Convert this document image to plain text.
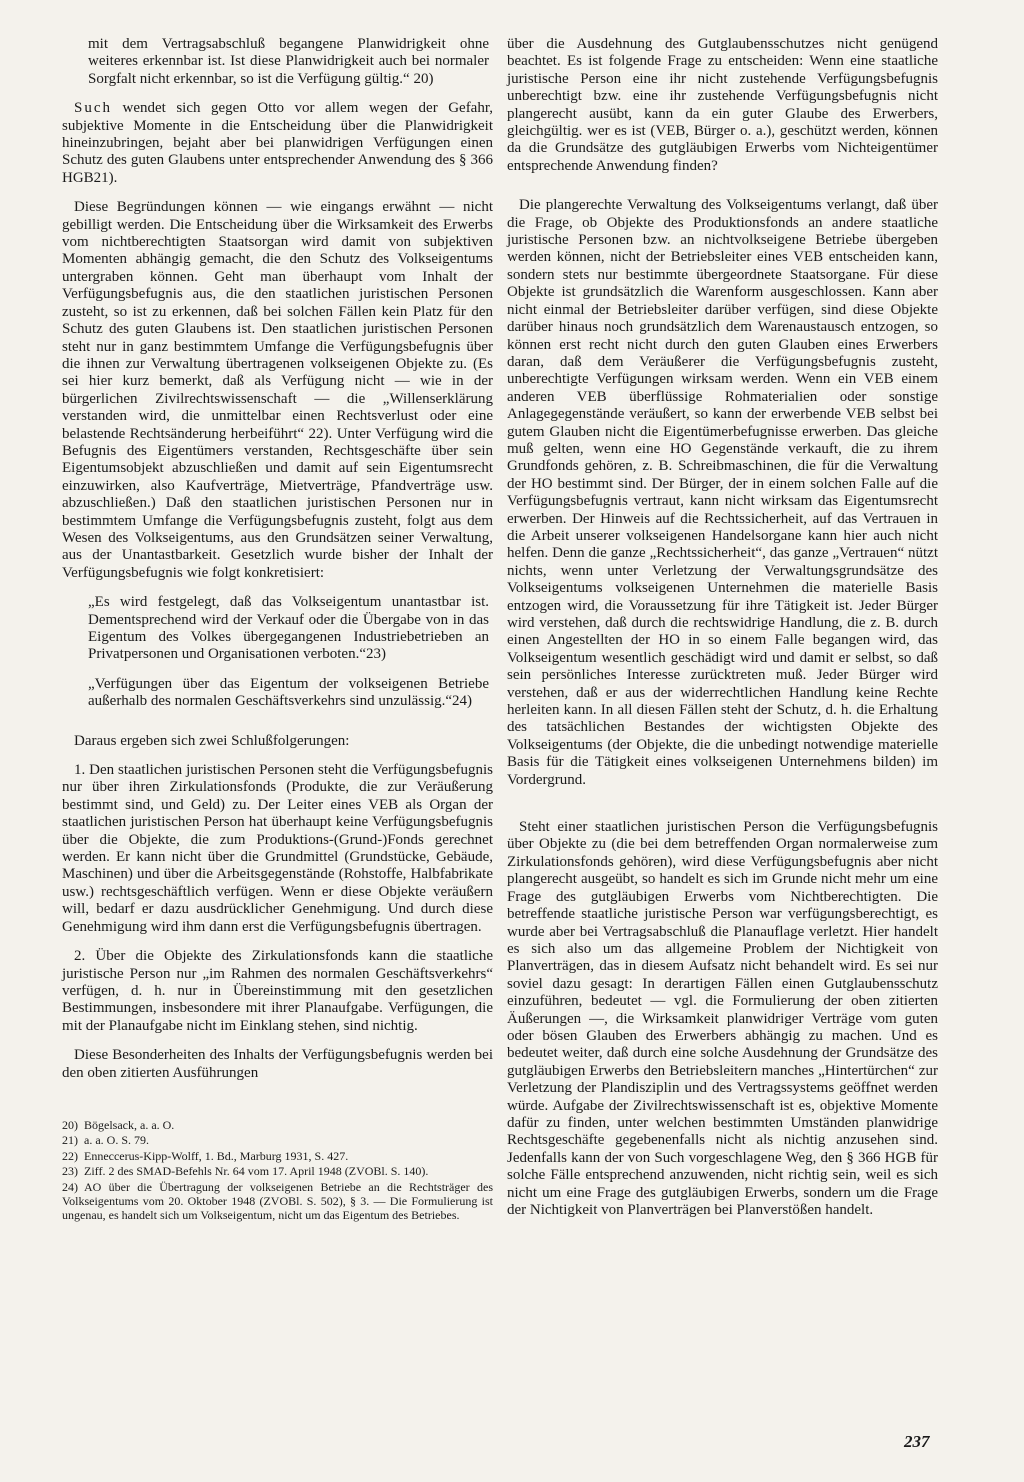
mit dem Vertragsabschluß begangene Planwidrigkeit ohne weiteres erkennbar ist. Ist diese Planwidrigkeit auch bei normaler Sorgfalt nicht erkennbar, so ist die Verfügung gültig.“ 20)

Such wendet sich gegen Otto vor allem wegen der Gefahr, subjektive Momente in die Entscheidung über die Planwidrigkeit hineinzubringen, bejaht aber bei planwidrigen Verfügungen einen Schutz des guten Glaubens unter entsprechender Anwendung des § 366 HGB21).

Diese Begründungen können — wie eingangs erwähnt — nicht gebilligt werden. Die Entscheidung über die Wirksamkeit des Erwerbs vom nichtberechtigten Staatsorgan wird damit von subjektiven Momenten abhängig gemacht, die den Schutz des Volkseigentums untergraben können. Geht man überhaupt vom Inhalt der Verfügungsbefugnis aus, die den staatlichen juristischen Personen zusteht, so ist zu erkennen, daß bei solchen Fällen kein Platz für den Schutz des guten Glaubens ist. Den staatlichen juristischen Personen steht nur in ganz bestimmtem Umfange die Verfügungsbefugnis über die ihnen zur Verwaltung übertragenen volkseigenen Objekte zu. (Es sei hier kurz bemerkt, daß als Verfügung nicht — wie in der bürgerlichen Zivilrechtswissenschaft — die „Willenserklärung verstanden wird, die unmittelbar einen Rechtsverlust oder eine belastende Rechtsänderung herbeiführt“ 22). Unter Verfügung wird die Befugnis des Eigentümers verstanden, Rechtsgeschäfte über sein Eigentumsobjekt abzuschließen und damit auf sein Eigentumsrecht einzuwirken, also Kaufverträge, Mietverträge, Pfandverträge usw. abzuschließen.) Daß den staatlichen juristischen Personen nur in bestimmtem Umfange die Verfügungsbefugnis zusteht, folgt aus dem Wesen des Volkseigentums, aus den Grundsätzen seiner Verwaltung, aus der Unantastbarkeit. Gesetzlich wurde bisher der Inhalt der Verfügungsbefugnis wie folgt konkretisiert:

„Es wird festgelegt, daß das Volkseigentum unantastbar ist. Dementsprechend wird der Verkauf oder die Übergabe von in das Eigentum des Volkes übergegangenen Industriebetrieben an Privatpersonen und Organisationen verboten.“23)

„Verfügungen über das Eigentum der volkseigenen Betriebe außerhalb des normalen Geschäftsverkehrs sind unzulässig.“24)

Daraus ergeben sich zwei Schlußfolgerungen:

1. Den staatlichen juristischen Personen steht die Verfügungsbefugnis nur über ihren Zirkulationsfonds (Produkte, die zur Veräußerung bestimmt sind, und Geld) zu. Der Leiter eines VEB als Organ der staatlichen juristischen Person hat überhaupt keine Verfügungsbefugnis über die Objekte, die zum Produktions-(Grund-)Fonds gerechnet werden. Er kann nicht über die Grundmittel (Grundstücke, Gebäude, Maschinen) und über die Arbeitsgegenstände (Rohstoffe, Halbfabrikate usw.) rechtsgeschäftlich verfügen. Wenn er diese Objekte veräußern will, bedarf er dazu ausdrücklicher Genehmigung. Und durch diese Genehmigung wird ihm dann erst die Verfügungsbefugnis übertragen.

2. Über die Objekte des Zirkulationsfonds kann die staatliche juristische Person nur „im Rahmen des normalen Geschäftsverkehrs“ verfügen, d. h. nur in Übereinstimmung mit den gesetzlichen Bestimmungen, insbesondere mit ihrer Planaufgabe. Verfügungen, die mit der Planaufgabe nicht im Einklang stehen, sind nichtig.

Diese Besonderheiten des Inhalts der Verfügungsbefugnis werden bei den oben zitierten Ausführungen

20) Bögelsack, a. a. O.

21) a. a. O. S. 79.

22) Enneccerus-Kipp-Wolff, 1. Bd., Marburg 1931, S. 427.

23) Ziff. 2 des SMAD-Befehls Nr. 64 vom 17. April 1948 (ZVOBl. S. 140).

24) AO über die Übertragung der volkseigenen Betriebe an die Rechtsträger des Volkseigentums vom 20. Oktober 1948 (ZVOBl. S. 502), § 3. — Die Formulierung ist ungenau, es handelt sich um Volkseigentum, nicht um das Eigentum des Betriebes.

über die Ausdehnung des Gutglaubensschutzes nicht genügend beachtet. Es ist folgende Frage zu entscheiden: Wenn eine staatliche juristische Person eine ihr nicht zustehende Verfügungsbefugnis unberechtigt bzw. eine ihr zustehende Verfügungsbefugnis nicht plangerecht ausübt, kann da ein guter Glaube des Erwerbers, gleichgültig. wer es ist (VEB, Bürger o. a.), geschützt werden, können da die Grundsätze des gutgläubigen Erwerbs vom Nichteigentümer entsprechende Anwendung finden?

Die plangerechte Verwaltung des Volkseigentums verlangt, daß über die Frage, ob Objekte des Produktionsfonds an andere staatliche juristische Personen bzw. an nichtvolkseigene Betriebe übergeben werden können, nicht der Betriebsleiter eines VEB entscheiden kann, sondern stets nur bestimmte übergeordnete Staatsorgane. Für diese Objekte ist grundsätzlich die Warenform ausgeschlossen. Kann aber nicht einmal der Betriebsleiter darüber verfügen, sind diese Objekte darüber hinaus noch grundsätzlich dem Warenaustausch entzogen, so können erst recht nicht durch den guten Glauben eines Erwerbers daran, daß dem Veräußerer die Verfügungsbefugnis zusteht, unberechtigte Verfügungen wirksam werden. Wenn ein VEB einem anderen VEB überflüssige Rohmaterialien oder sonstige Anlagegegenstände veräußert, so kann der erwerbende VEB selbst bei gutem Glauben nicht die Eigentümerbefugnisse erwerben. Das gleiche muß gelten, wenn eine HO Gegenstände verkauft, die zu ihrem Grundfonds gehören, z. B. Schreibmaschinen, die für die Verwaltung der HO bestimmt sind. Der Bürger, der in einem solchen Falle auf die Verfügungsbefugnis vertraut, kann nicht wirksam das Eigentumsrecht erwerben. Der Hinweis auf die Rechtssicherheit, auf das Vertrauen in die Arbeit unserer volkseigenen Handelsorgane kann hier auch nicht helfen. Denn die ganze „Rechtssicherheit“, das ganze „Vertrauen“ nützt nichts, wenn unter Verletzung der Verwaltungsgrundsätze des Volkseigentums volkseigenen Unternehmen die materielle Basis entzogen wird, die Voraussetzung für ihre Tätigkeit ist. Jeder Bürger wird verstehen, daß durch die rechtswidrige Handlung, die z. B. durch einen Angestellten der HO in so einem Falle begangen wird, das Volkseigentum wesentlich geschädigt wird und damit er selbst, so daß sein persönliches Interesse zurücktreten muß. Jeder Bürger wird verstehen, daß er aus der widerrechtlichen Handlung keine Rechte herleiten kann. In all diesen Fällen steht der Schutz, d. h. die Erhaltung des tatsächlichen Bestandes der wichtigsten Objekte des Volkseigentums (der Objekte, die die unbedingt notwendige materielle Basis für die Tätigkeit eines volkseigenen Unternehmens bilden) im Vordergrund.

Steht einer staatlichen juristischen Person die Verfügungsbefugnis über Objekte zu (die bei dem betreffenden Organ normalerweise zum Zirkulationsfonds gehören), wird diese Verfügungsbefugnis aber nicht plangerecht ausgeübt, so handelt es sich im Grunde nicht mehr um eine Frage des gutgläubigen Erwerbs vom Nichtberechtigten. Die betreffende staatliche juristische Person war verfügungsberechtigt, es wurde aber bei Vertragsabschluß die Planauflage verletzt. Hier handelt es sich also um das allgemeine Problem der Nichtigkeit von Planverträgen, das in diesem Aufsatz nicht behandelt wird. Es sei nur soviel dazu gesagt: In derartigen Fällen einen Gutglaubensschutz einzuführen, bedeutet — vgl. die Formulierung der oben zitierten Äußerungen —, die Wirksamkeit planwidriger Verträge vom guten oder bösen Glauben des Erwerbers abhängig zu machen. Und es bedeutet weiter, daß durch eine solche Ausdehnung der Grundsätze des gutgläubigen Erwerbs den Betriebsleitern manches „Hintertürchen“ zur Verletzung der Plandisziplin und des Vertragssystems geöffnet werden würde. Aufgabe der Zivilrechtswissenschaft ist es, objektive Momente dafür zu finden, unter welchen bestimmten Umständen planwidrige Rechtsgeschäfte gegebenenfalls nicht als nichtig anzusehen sind. Jedenfalls kann der von Such vorgeschlagene Weg, den § 366 HGB für solche Fälle entsprechend anzuwenden, nicht richtig sein, weil es sich nicht um eine Frage des gutgläubigen Erwerbs, sondern um die Frage der Nichtigkeit von Planverträgen bei Planverstößen handelt.

237
